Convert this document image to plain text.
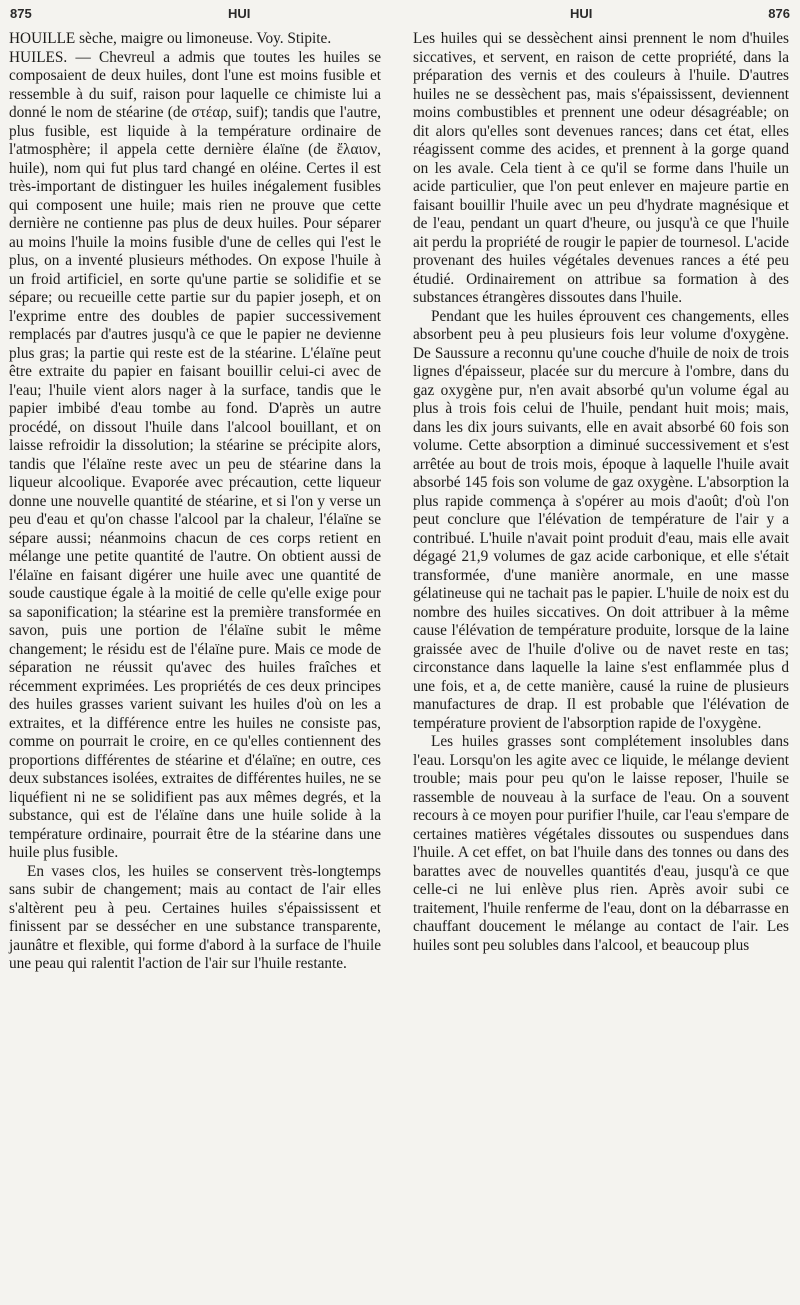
875	HUI	HUI	876

HOUILLE sèche, maigre ou limoneuse. Voy. Stipite.

HUILES. — Chevreul a admis que toutes les huiles se composaient de deux huiles, dont l'une est moins fusible et ressemble à du suif, raison pour laquelle ce chimiste lui a donné le nom de stéarine (de στέαρ, suif); tandis que l'autre, plus fusible, est liquide à la température ordinaire de l'atmosphère; il appela cette dernière élaïne (de ἔλαιον, huile), nom qui fut plus tard changé en oléine. Certes il est très-important de distinguer les huiles inégalement fusibles qui composent une huile; mais rien ne prouve que cette dernière ne contienne pas plus de deux huiles. Pour séparer au moins l'huile la moins fusible d'une de celles qui l'est le plus, on a inventé plusieurs méthodes. On expose l'huile à un froid artificiel, en sorte qu'une partie se solidifie et se sépare; ou recueille cette partie sur du papier joseph, et on l'exprime entre des doubles de papier successivement remplacés par d'autres jusqu'à ce que le papier ne devienne plus gras; la partie qui reste est de la stéarine. L'élaïne peut être extraite du papier en faisant bouillir celui-ci avec de l'eau; l'huile vient alors nager à la surface, tandis que le papier imbibé d'eau tombe au fond. D'après un autre procédé, on dissout l'huile dans l'alcool bouillant, et on laisse refroidir la dissolution; la stéarine se précipite alors, tandis que l'élaïne reste avec un peu de stéarine dans la liqueur alcoolique. Evaporée avec précaution, cette liqueur donne une nouvelle quantité de stéarine, et si l'on y verse un peu d'eau et qu'on chasse l'alcool par la chaleur, l'élaïne se sépare aussi; néanmoins chacun de ces corps retient en mélange une petite quantité de l'autre. On obtient aussi de l'élaïne en faisant digérer une huile avec une quantité de soude caustique égale à la moitié de celle qu'elle exige pour sa saponification; la stéarine est la première transformée en savon, puis une portion de l'élaïne subit le même changement; le résidu est de l'élaïne pure. Mais ce mode de séparation ne réussit qu'avec des huiles fraîches et récemment exprimées. Les propriétés de ces deux principes des huiles grasses varient suivant les huiles d'où on les a extraites, et la différence entre les huiles ne consiste pas, comme on pourrait le croire, en ce qu'elles contiennent des proportions différentes de stéarine et d'élaïne; en outre, ces deux substances isolées, extraites de différentes huiles, ne se liquéfient ni ne se solidifient pas aux mêmes degrés, et la substance, qui est de l'élaïne dans une huile solide à la température ordinaire, pourrait être de la stéarine dans une huile plus fusible.

En vases clos, les huiles se conservent très-longtemps sans subir de changement; mais au contact de l'air elles s'altèrent peu à peu. Certaines huiles s'épaississent et finissent par se dessécher en une substance transparente, jaunâtre et flexible, qui forme d'abord à la surface de l'huile une peau qui ralentit l'action de l'air sur l'huile restante.

Les huiles qui se dessèchent ainsi prennent le nom d'huiles siccatives, et servent, en raison de cette propriété, dans la préparation des vernis et des couleurs à l'huile. D'autres huiles ne se dessèchent pas, mais s'épaississent, deviennent moins combustibles et prennent une odeur désagréable; on dit alors qu'elles sont devenues rances; dans cet état, elles réagissent comme des acides, et prennent à la gorge quand on les avale. Cela tient à ce qu'il se forme dans l'huile un acide particulier, que l'on peut enlever en majeure partie en faisant bouillir l'huile avec un peu d'hydrate magnésique et de l'eau, pendant un quart d'heure, ou jusqu'à ce que l'huile ait perdu la propriété de rougir le papier de tournesol. L'acide provenant des huiles végétales devenues rances a été peu étudié. Ordinairement on attribue sa formation à des substances étrangères dissoutes dans l'huile.

Pendant que les huiles éprouvent ces changements, elles absorbent peu à peu plusieurs fois leur volume d'oxygène. De Saussure a reconnu qu'une couche d'huile de noix de trois lignes d'épaisseur, placée sur du mercure à l'ombre, dans du gaz oxygène pur, n'en avait absorbé qu'un volume égal au plus à trois fois celui de l'huile, pendant huit mois; mais, dans les dix jours suivants, elle en avait absorbé 60 fois son volume. Cette absorption a diminué successivement et s'est arrêtée au bout de trois mois, époque à laquelle l'huile avait absorbé 145 fois son volume de gaz oxygène. L'absorption la plus rapide commença à s'opérer au mois d'août; d'où l'on peut conclure que l'élévation de température de l'air y a contribué. L'huile n'avait point produit d'eau, mais elle avait dégagé 21,9 volumes de gaz acide carbonique, et elle s'était transformée, d'une manière anormale, en une masse gélatineuse qui ne tachait pas le papier. L'huile de noix est du nombre des huiles siccatives. On doit attribuer à la même cause l'élévation de température produite, lorsque de la laine graissée avec de l'huile d'olive ou de navet reste en tas; circonstance dans laquelle la laine s'est enflammée plus d une fois, et a, de cette manière, causé la ruine de plusieurs manufactures de drap. Il est probable que l'élévation de température provient de l'absorption rapide de l'oxygène.

Les huiles grasses sont complétement insolubles dans l'eau. Lorsqu'on les agite avec ce liquide, le mélange devient trouble; mais pour peu qu'on le laisse reposer, l'huile se rassemble de nouveau à la surface de l'eau. On a souvent recours à ce moyen pour purifier l'huile, car l'eau s'empare de certaines matières végétales dissoutes ou suspendues dans l'huile. A cet effet, on bat l'huile dans des tonnes ou dans des barattes avec de nouvelles quantités d'eau, jusqu'à ce que celle-ci ne lui enlève plus rien. Après avoir subi ce traitement, l'huile renferme de l'eau, dont on la débarrasse en chauffant doucement le mélange au contact de l'air. Les huiles sont peu solubles dans l'alcool, et beaucoup plus
